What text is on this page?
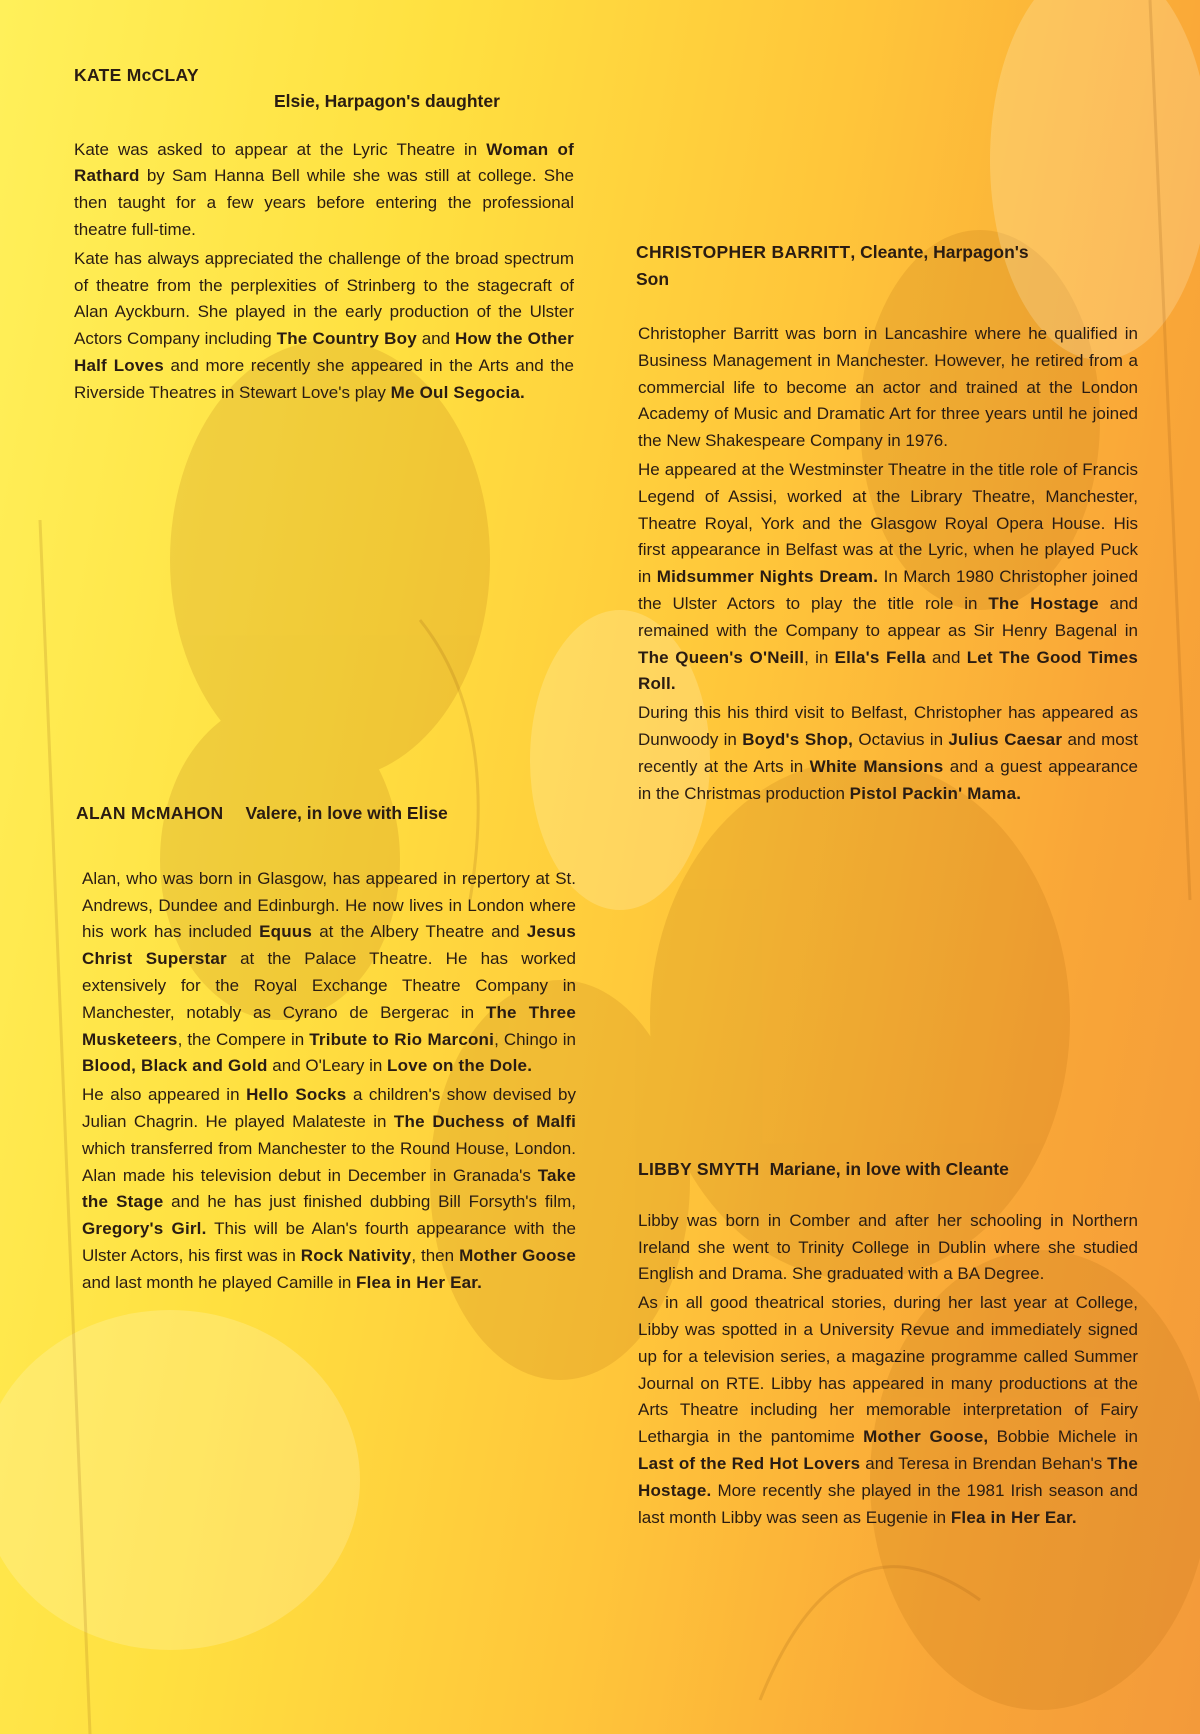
KATE McCLAY
Elsie, Harpagon's daughter

Kate was asked to appear at the Lyric Theatre in Woman of Rathard by Sam Hanna Bell while she was still at college. She then taught for a few years before entering the professional theatre full-time.

Kate has always appreciated the challenge of the broad spectrum of theatre from the perplexities of Strinberg to the stagecraft of Alan Ayckburn. She played in the early production of the Ulster Actors Company including The Country Boy and How the Other Half Loves and more recently she appeared in the Arts and the Riverside Theatres in Stewart Love's play Me Oul Segocia.

ALAN McMAHON Valere, in love with Elise

Alan, who was born in Glasgow, has appeared in repertory at St. Andrews, Dundee and Edinburgh. He now lives in London where his work has included Equus at the Albery Theatre and Jesus Christ Superstar at the Palace Theatre. He has worked extensively for the Royal Exchange Theatre Company in Manchester, notably as Cyrano de Bergerac in The Three Musketeers, the Compere in Tribute to Rio Marconi, Chingo in Blood, Black and Gold and O'Leary in Love on the Dole.

He also appeared in Hello Socks a children's show devised by Julian Chagrin. He played Malateste in The Duchess of Malfi which transferred from Manchester to the Round House, London. Alan made his television debut in December in Granada's Take the Stage and he has just finished dubbing Bill Forsyth's film, Gregory's Girl. This will be Alan's fourth appearance with the Ulster Actors, his first was in Rock Nativity, then Mother Goose and last month he played Camille in Flea in Her Ear.

CHRISTOPHER BARRITT, Cleante, Harpagon's Son

Christopher Barritt was born in Lancashire where he qualified in Business Management in Manchester. However, he retired from a commercial life to become an actor and trained at the London Academy of Music and Dramatic Art for three years until he joined the New Shakespeare Company in 1976.

He appeared at the Westminster Theatre in the title role of Francis Legend of Assisi, worked at the Library Theatre, Manchester, Theatre Royal, York and the Glasgow Royal Opera House. His first appearance in Belfast was at the Lyric, when he played Puck in Midsummer Nights Dream. In March 1980 Christopher joined the Ulster Actors to play the title role in The Hostage and remained with the Company to appear as Sir Henry Bagenal in The Queen's O'Neill, in Ella's Fella and Let The Good Times Roll.

During this his third visit to Belfast, Christopher has appeared as Dunwoody in Boyd's Shop, Octavius in Julius Caesar and most recently at the Arts in White Mansions and a guest appearance in the Christmas production Pistol Packin' Mama.

LIBBY SMYTH Mariane, in love with Cleante

Libby was born in Comber and after her schooling in Northern Ireland she went to Trinity College in Dublin where she studied English and Drama. She graduated with a BA Degree.

As in all good theatrical stories, during her last year at College, Libby was spotted in a University Revue and immediately signed up for a television series, a magazine programme called Summer Journal on RTE. Libby has appeared in many productions at the Arts Theatre including her memorable interpretation of Fairy Lethargia in the pantomime Mother Goose, Bobbie Michele in Last of the Red Hot Lovers and Teresa in Brendan Behan's The Hostage. More recently she played in the 1981 Irish season and last month Libby was seen as Eugenie in Flea in Her Ear.
